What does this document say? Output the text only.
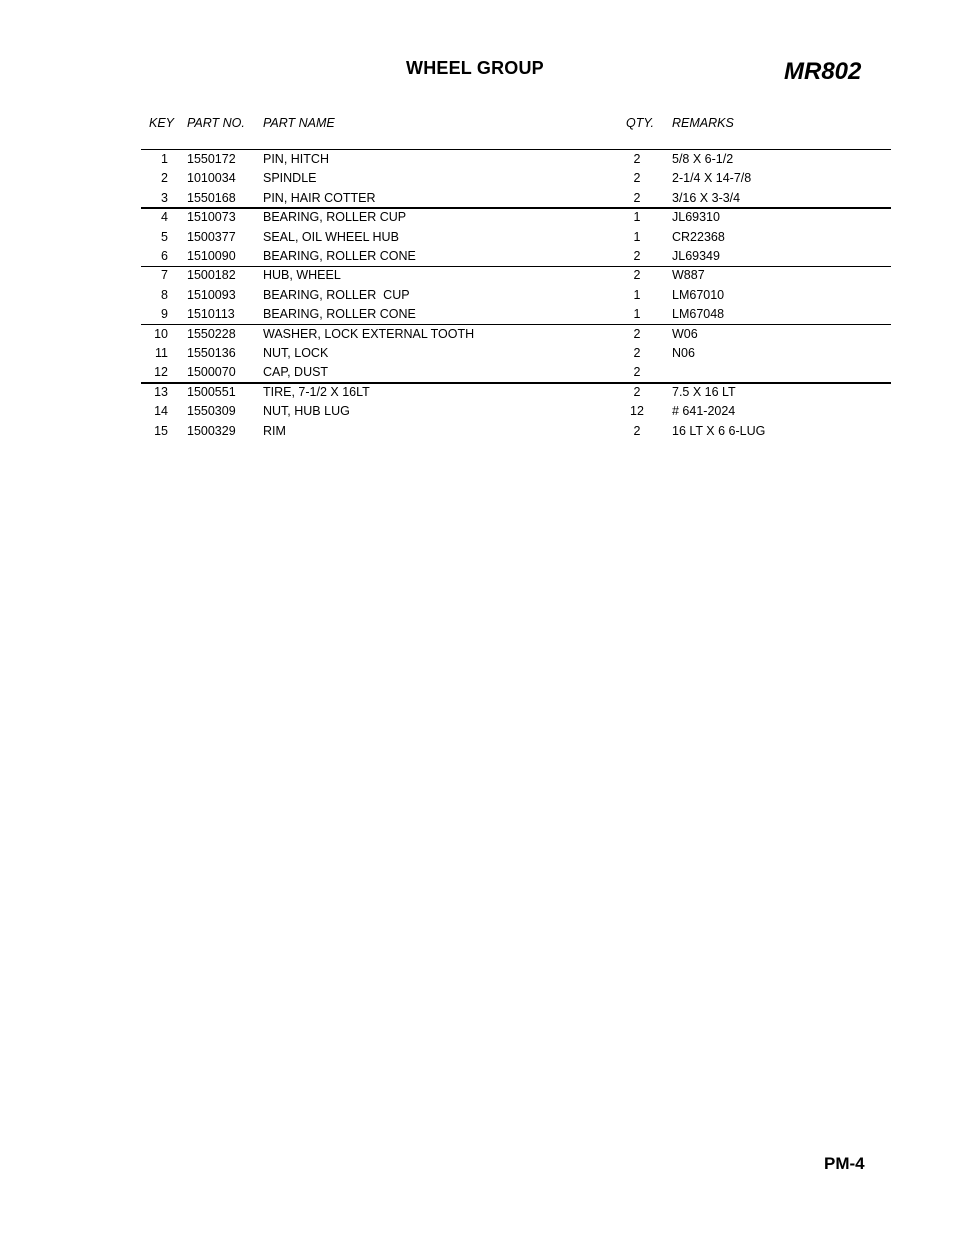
WHEEL GROUP	MR802
KEY PART NO. PART NAME	QTY. REMARKS
1 1550172 PIN, HITCH	2	5/8 X 6-1/2
2 1010034 SPINDLE	2	2-1/4 X 14-7/8
3 1550168 PIN, HAIR COTTER	2	3/16 X 3-3/4
4 1510073 BEARING, ROLLER CUP	1	JL69310
5 1500377 SEAL, OIL WHEEL HUB	1	CR22368
6 1510090 BEARING, ROLLER CONE	2	JL69349
7 1500182 HUB, WHEEL	2	W887
8 1510093 BEARING, ROLLER  CUP	1	LM67010
9 1510113 BEARING, ROLLER CONE	1	LM67048
10 1550228 WASHER, LOCK EXTERNAL TOOTH	2	W06
11 1550136 NUT, LOCK	2	N06
12 1500070 CAP, DUST	2
13 1500551 TIRE, 7-1/2 X 16LT	2	7.5 X 16 LT
14 1550309 NUT, HUB LUG	12 # 641-2024
15 1500329 RIM	2	16 LT X 6 6-LUG
PM-4
